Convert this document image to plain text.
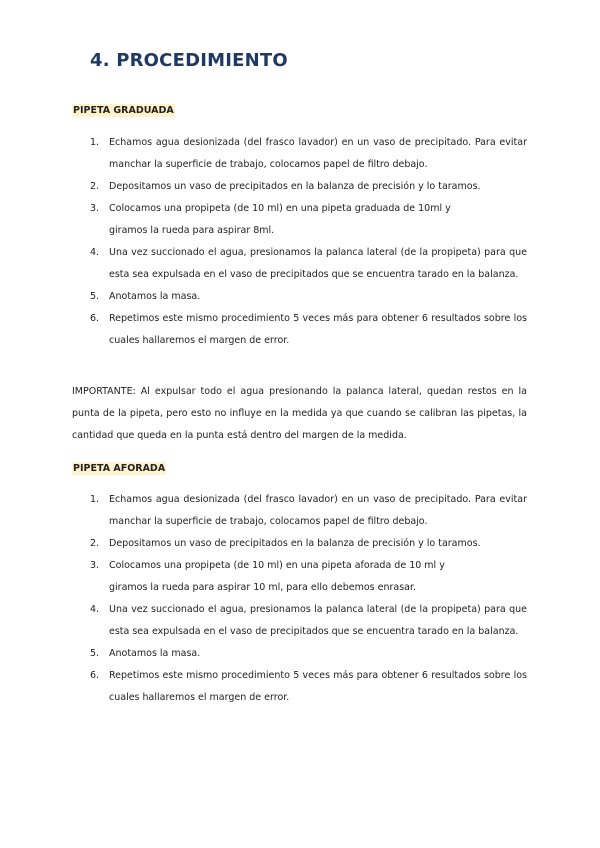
4. PROCEDIMIENTO
PIPETA GRADUADA
1. Echamos agua desionizada (del frasco lavador) en un vaso de precipitado. Para evitar manchar la superficie de trabajo, colocamos papel de filtro debajo.
2. Depositamos un vaso de precipitados en la balanza de precisión y lo taramos.
3. Colocamos una propipeta (de 10 ml) en una pipeta graduada de 10ml y
giramos la rueda para aspirar 8ml.
4. Una vez succionado el agua, presionamos la palanca lateral (de la propipeta) para que esta sea expulsada en el vaso de precipitados que se encuentra tarado en la balanza.
5. Anotamos la masa.
6. Repetimos este mismo procedimiento 5 veces más para obtener 6 resultados sobre los cuales hallaremos el margen de error.

IMPORTANTE: Al expulsar todo el agua presionando la palanca lateral, quedan restos en la punta de la pipeta, pero esto no influye en la medida ya que cuando se calibran las pipetas, la cantidad que queda en la punta está dentro del margen de la medida.

PIPETA AFORADA
1. Echamos agua desionizada (del frasco lavador) en un vaso de precipitado. Para evitar manchar la superficie de trabajo, colocamos papel de filtro debajo.
2. Depositamos un vaso de precipitados en la balanza de precisión y lo taramos.
3. Colocamos una propipeta (de 10 ml) en una pipeta aforada de 10 ml y
giramos la rueda para aspirar 10 ml, para ello debemos enrasar.
4. Una vez succionado el agua, presionamos la palanca lateral (de la propipeta) para que esta sea expulsada en el vaso de precipitados que se encuentra tarado en la balanza.
5. Anotamos la masa.
6. Repetimos este mismo procedimiento 5 veces más para obtener 6 resultados sobre los cuales hallaremos el margen de error.
